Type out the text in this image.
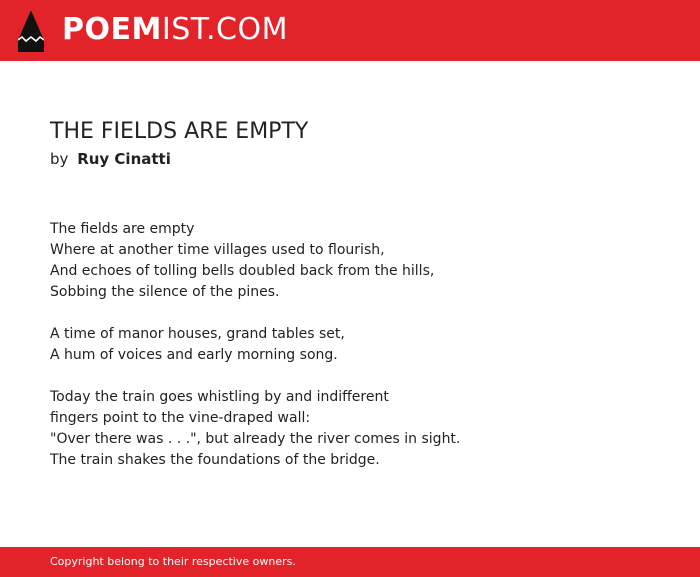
POEMIST.COM
THE FIELDS ARE EMPTY
by Ruy Cinatti
The fields are empty
Where at another time villages used to flourish,
And echoes of tolling bells doubled back from the hills,
Sobbing the silence of the pines.
A time of manor houses, grand tables set,
A hum of voices and early morning song.
Today the train goes whistling by and indifferent
fingers point to the vine-draped wall:
"Over there was . . .", but already the river comes in sight.
The train shakes the foundations of the bridge.
Copyright belong to their respective owners.
